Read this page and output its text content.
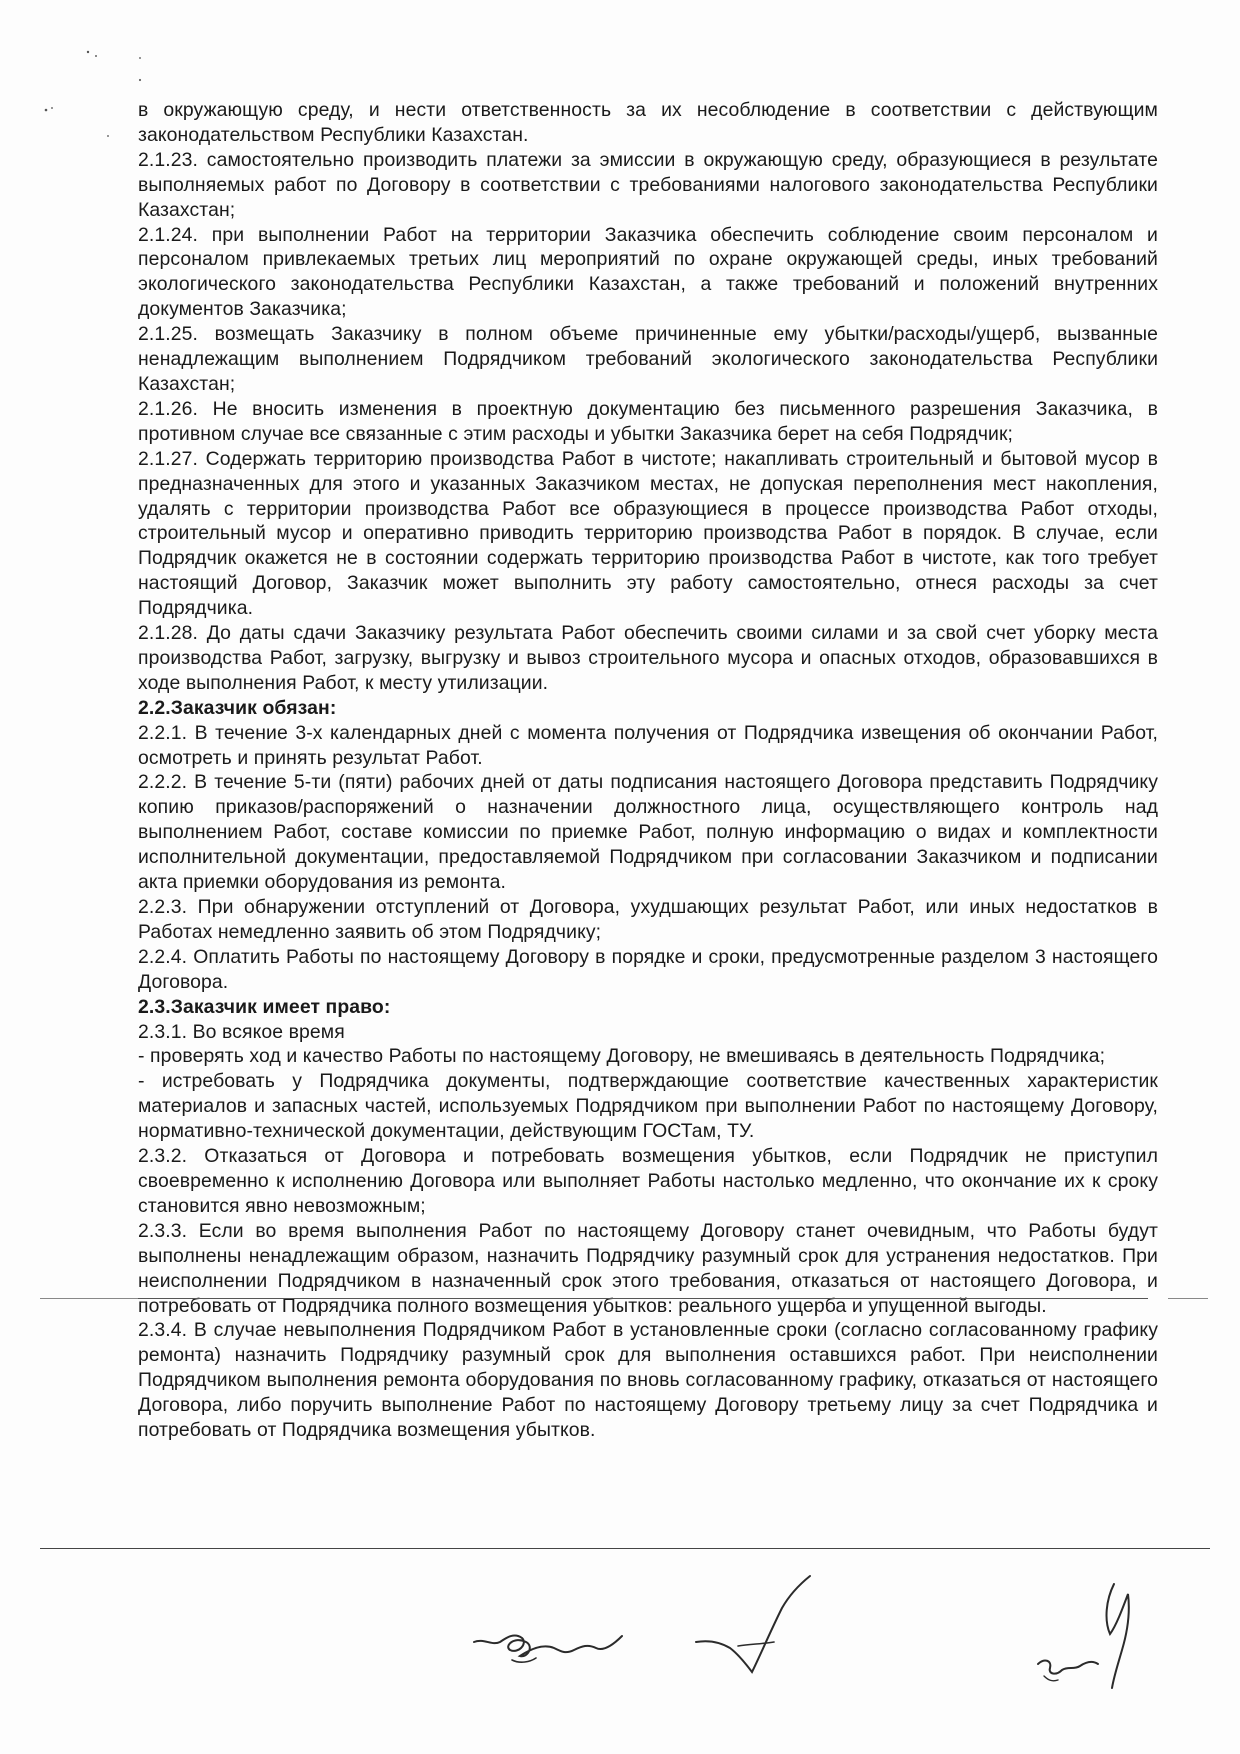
в окружающую среду, и нести ответственность за их несоблюдение в соответствии с действующим законодательством Республики Казахстан.

2.1.23. самостоятельно производить платежи за эмиссии в окружающую среду, образующиеся в результате выполняемых работ по Договору в соответствии с требованиями налогового законодательства Республики Казахстан;

2.1.24. при выполнении Работ на территории Заказчика обеспечить соблюдение своим персоналом и персоналом привлекаемых третьих лиц мероприятий по охране окружающей среды, иных требований экологического законодательства Республики Казахстан, а также требований и положений внутренних документов Заказчика;

2.1.25. возмещать Заказчику в полном объеме причиненные ему убытки/расходы/ущерб, вызванные ненадлежащим выполнением Подрядчиком требований экологического законодательства Республики Казахстан;

2.1.26. Не вносить изменения в проектную документацию без письменного разрешения Заказчика, в противном случае все связанные с этим расходы и убытки Заказчика берет на себя Подрядчик;

2.1.27. Содержать территорию производства Работ в чистоте; накапливать строительный и бытовой мусор в предназначенных для этого и указанных Заказчиком местах, не допуская переполнения мест накопления, удалять с территории производства Работ все образующиеся в процессе производства Работ отходы, строительный мусор и оперативно приводить территорию производства Работ в порядок. В случае, если Подрядчик окажется не в состоянии содержать территорию производства Работ в чистоте, как того требует настоящий Договор, Заказчик может выполнить эту работу самостоятельно, отнеся расходы за счет Подрядчика.

2.1.28. До даты сдачи Заказчику результата Работ обеспечить своими силами и за свой счет уборку места производства Работ, загрузку, выгрузку и вывоз строительного мусора и опасных отходов, образовавшихся в ходе выполнения Работ, к месту утилизации.

2.2.Заказчик обязан:

2.2.1. В течение 3-х календарных дней с момента получения от Подрядчика извещения об окончании Работ, осмотреть и принять результат Работ.

2.2.2. В течение 5-ти (пяти) рабочих дней от даты подписания настоящего Договора представить Подрядчику копию приказов/распоряжений о назначении должностного лица, осуществляющего контроль над выполнением Работ, составе комиссии по приемке Работ, полную информацию о видах и комплектности исполнительной документации, предоставляемой Подрядчиком при согласовании Заказчиком и подписании акта приемки оборудования из ремонта.

2.2.3. При обнаружении отступлений от Договора, ухудшающих результат Работ, или иных недостатков в Работах немедленно заявить об этом Подрядчику;

2.2.4. Оплатить Работы по настоящему Договору в порядке и сроки, предусмотренные разделом 3 настоящего Договора.

2.3.Заказчик имеет право:

2.3.1. Во всякое время

- проверять ход и качество Работы по настоящему Договору, не вмешиваясь в деятельность Подрядчика;

- истребовать у Подрядчика документы, подтверждающие соответствие качественных характеристик материалов и запасных частей, используемых Подрядчиком при выполнении Работ по настоящему Договору, нормативно-технической документации, действующим ГОСТам, ТУ.

2.3.2. Отказаться от Договора и потребовать возмещения убытков, если Подрядчик не приступил своевременно к исполнению Договора или выполняет Работы настолько медленно, что окончание их к сроку становится явно невозможным;

2.3.3. Если во время выполнения Работ по настоящему Договору станет очевидным, что Работы будут выполнены ненадлежащим образом, назначить Подрядчику разумный срок для устранения недостатков. При неисполнении Подрядчиком в назначенный срок этого требования, отказаться от настоящего Договора, и потребовать от Подрядчика полного возмещения убытков: реального ущерба и упущенной выгоды.

2.3.4. В случае невыполнения Подрядчиком Работ в установленные сроки (согласно согласованному графику ремонта) назначить Подрядчику разумный срок для выполнения оставшихся работ. При неисполнении Подрядчиком выполнения ремонта оборудования по вновь согласованному графику, отказаться от настоящего Договора, либо поручить выполнение Работ по настоящему Договору третьему лицу за счет Подрядчика и потребовать от Подрядчика возмещения убытков.
